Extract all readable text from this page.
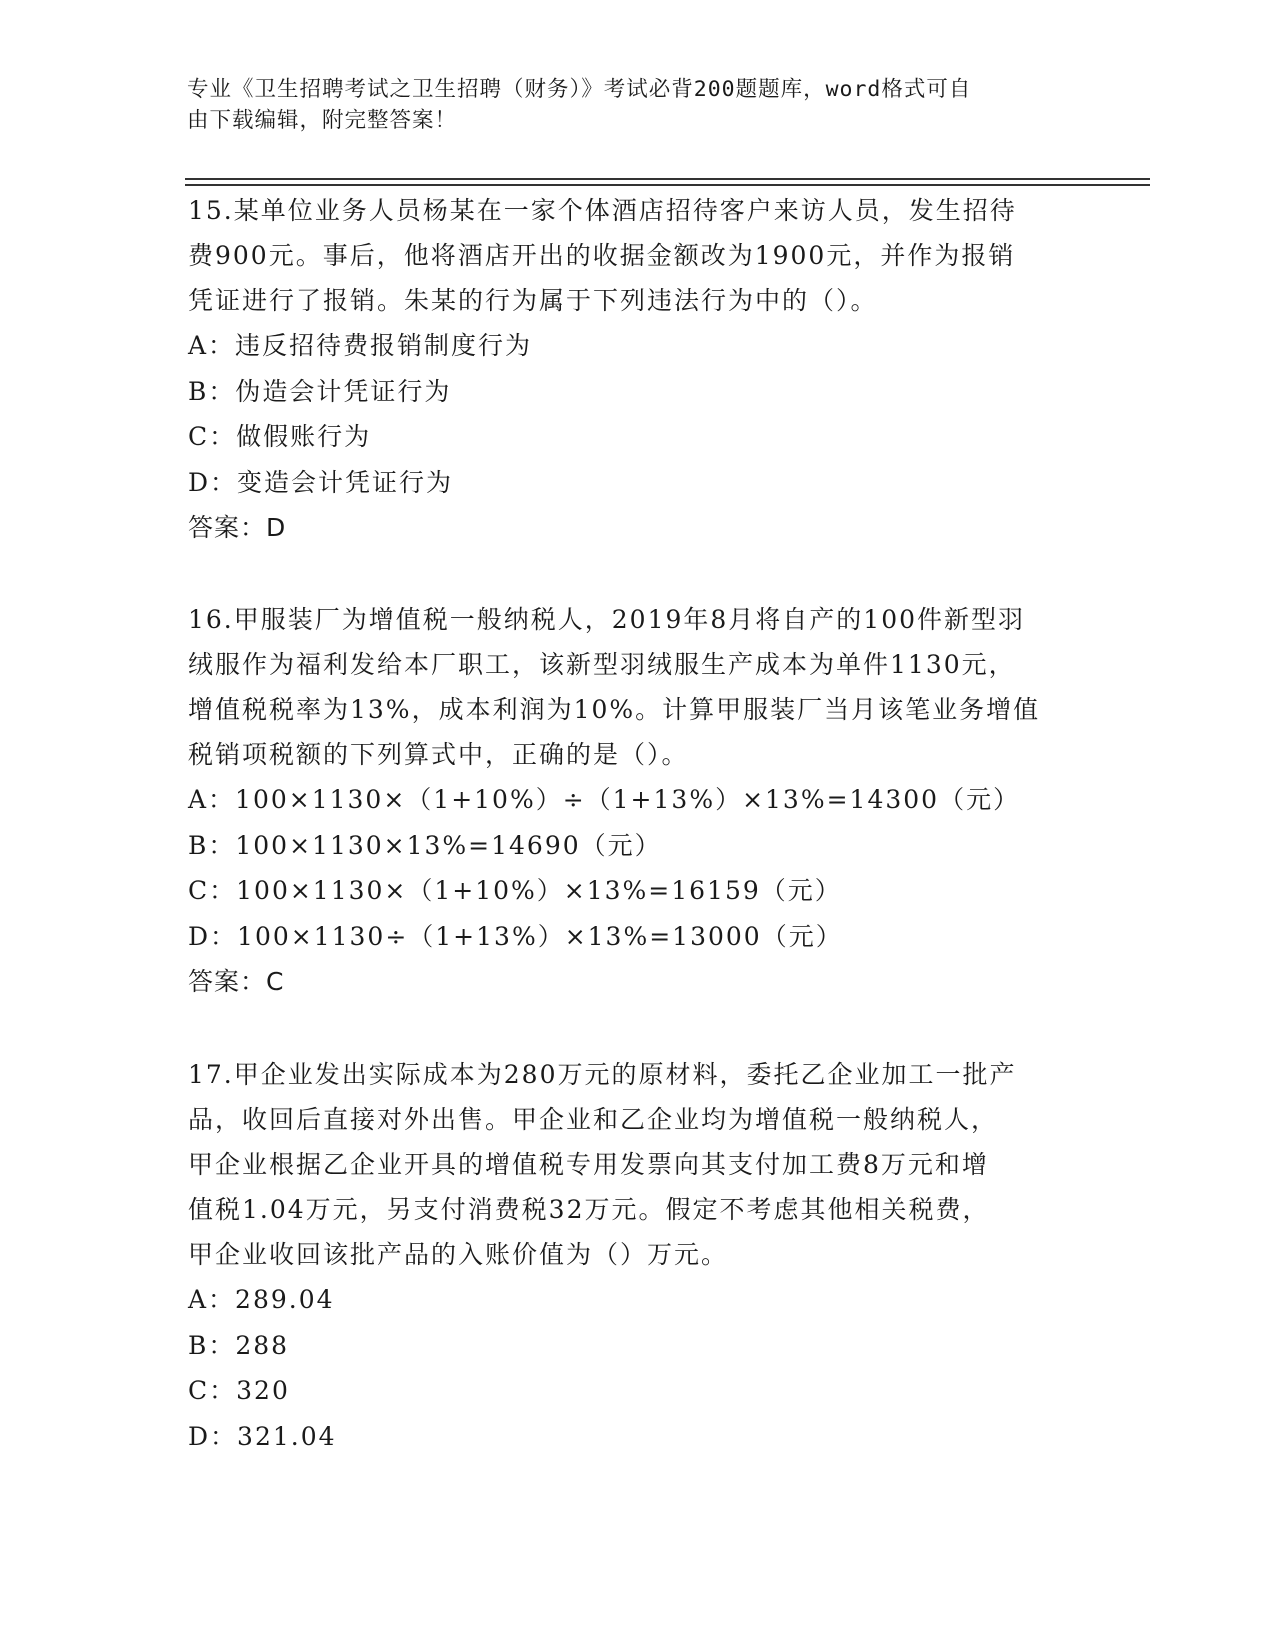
专业《卫生招聘考试之卫生招聘（财务）》考试必背200题题库，word格式可自
由下载编辑，附完整答案！
15.某单位业务人员杨某在一家个体酒店招待客户来访人员，发生招待
费900元。事后，他将酒店开出的收据金额改为1900元，并作为报销
凭证进行了报销。朱某的行为属于下列违法行为中的（）。
A：违反招待费报销制度行为
B：伪造会计凭证行为
C：做假账行为
D：变造会计凭证行为
答案：D
16.甲服装厂为增值税一般纳税人，2019年8月将自产的100件新型羽
绒服作为福利发给本厂职工，该新型羽绒服生产成本为单件1130元，
增值税税率为13%，成本利润为10%。计算甲服装厂当月该笔业务增值
税销项税额的下列算式中，正确的是（）。
A：100×1130×（1+10%）÷（1+13%）×13%=14300（元）
B：100×1130×13%=14690（元）
C：100×1130×（1+10%）×13%=16159（元）
D：100×1130÷（1+13%）×13%=13000（元）
答案：C
17.甲企业发出实际成本为280万元的原材料，委托乙企业加工一批产
品，收回后直接对外出售。甲企业和乙企业均为增值税一般纳税人，
甲企业根据乙企业开具的增值税专用发票向其支付加工费8万元和增
值税1.04万元，另支付消费税32万元。假定不考虑其他相关税费，
甲企业收回该批产品的入账价值为（）万元。
A：289.04
B：288
C：320
D：321.04
